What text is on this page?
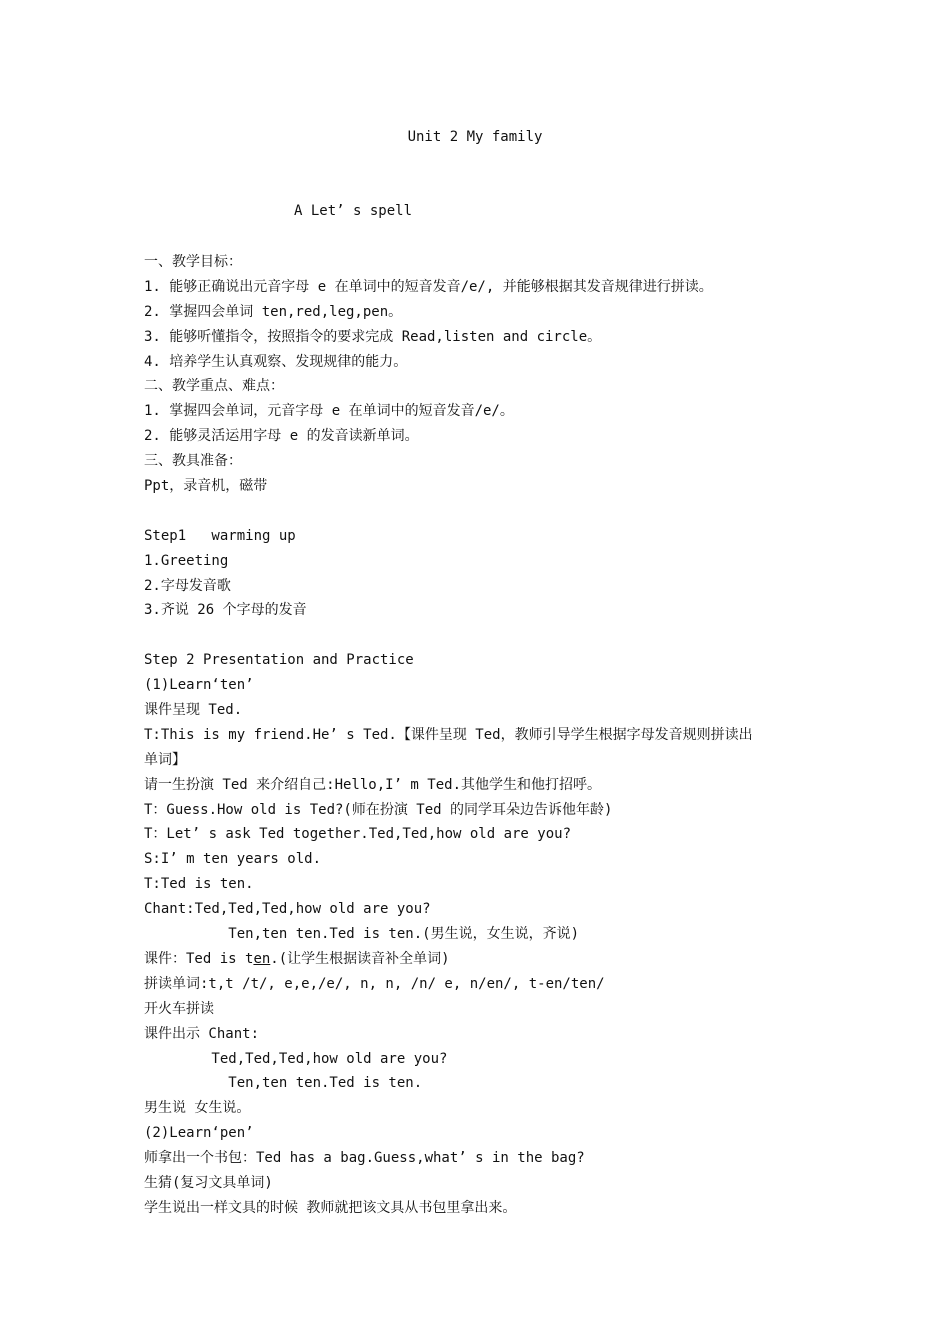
Unit 2 My family
A Let’ s spell
一、教学目标：
1. 能够正确说出元音字母 e 在单词中的短音发音/e/, 并能够根据其发音规律进行拼读。
2. 掌握四会单词 ten,red,leg,pen。
3. 能够听懂指令，按照指令的要求完成 Read,listen and circle。
4. 培养学生认真观察、发现规律的能力。
二、教学重点、难点：
1. 掌握四会单词，元音字母 e 在单词中的短音发音/e/。
2. 能够灵活运用字母 e 的发音读新单词。
三、教具准备：
Ppt，录音机，磁带
Step1   warming up
1.Greeting
2.字母发音歌
3.齐说 26 个字母的发音
Step 2 Presentation and Practice
(1)Learn‘ten’
课件呈现 Ted.
T:This is my friend.He’ s Ted.【课件呈现 Ted，教师引导学生根据字母发音规则拼读出
单词】
请一生扮演 Ted 来介绍自己:Hello,I’ m Ted.其他学生和他打招呼。
T：Guess.How old is Ted?(师在扮演 Ted 的同学耳朵边告诉他年龄)
T：Let’ s ask Ted together.Ted,Ted,how old are you?
S:I’ m ten years old.
T:Ted is ten.
Chant:Ted,Ted,Ted,how old are you?
Ten,ten ten.Ted is ten.(男生说，女生说，齐说)
课件：Ted is ten.(让学生根据读音补全单词)
拼读单词:t,t /t/, e,e,/e/, n, n, /n/ e, n/en/, t-en/ten/
开火车拼读
课件出示 Chant:
Ted,Ted,Ted,how old are you?
Ten,ten ten.Ted is ten.
男生说 女生说。
(2)Learn‘pen’
师拿出一个书包：Ted has a bag.Guess,what’ s in the bag?
生猜(复习文具单词)
学生说出一样文具的时候 教师就把该文具从书包里拿出来。
